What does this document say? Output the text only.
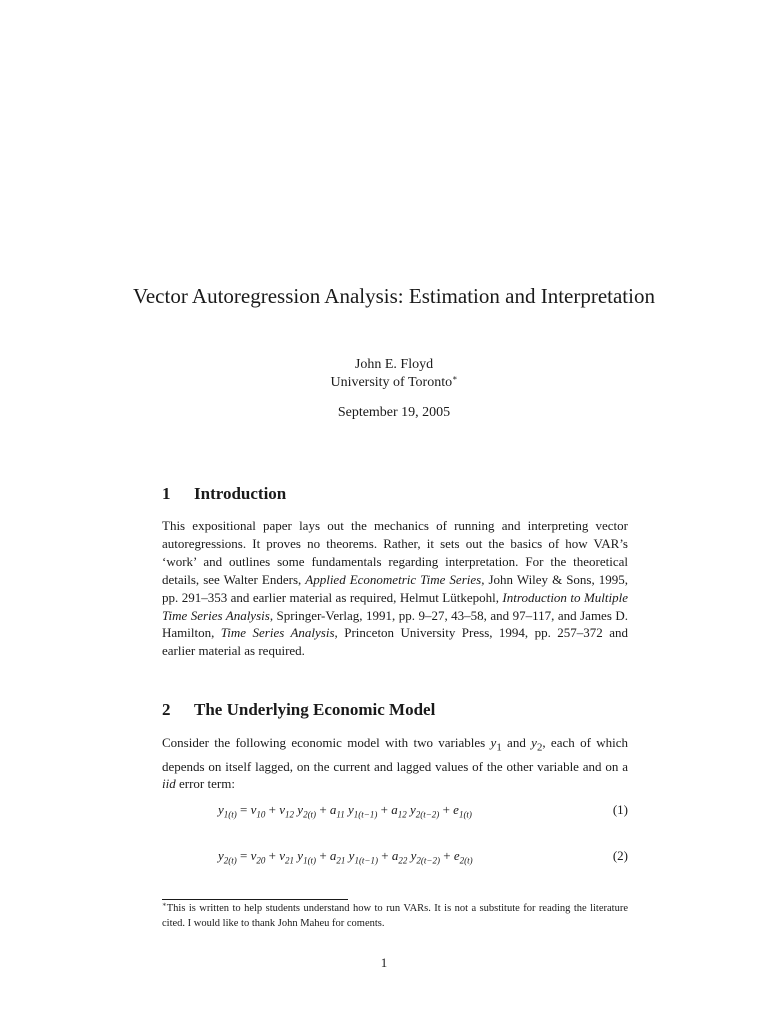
Vector Autoregression Analysis: Estimation and Interpretation
John E. Floyd
University of Toronto∗
September 19, 2005
1 Introduction

This expositional paper lays out the mechanics of running and interpreting vector autoregressions. It proves no theorems. Rather, it sets out the basics of how VAR’s ‘work’ and outlines some fundamentals regarding interpretation. For the theoretical details, see Walter Enders, Applied Econometric Time Series, John Wiley & Sons, 1995, pp. 291–353 and earlier material as required, Helmut Lütkepohl, Introduction to Multiple Time Series Analysis, Springer-Verlag, 1991, pp. 9–27, 43–58, and 97–117, and James D. Hamilton, Time Series Analysis, Princeton University Press, 1994, pp. 257–372 and earlier material as required.

2 The Underlying Economic Model

Consider the following economic model with two variables $y_1$ and $y_2$, each of which depends on itself lagged, on the current and lagged values of the other variable and on a iid error term:

$y_{1(t)} = v_{10} + v_{12}$ $y_{2(t)} + a_{11}$ $y_{1(t-1)} + a_{12}$ $y_{2(t-2)} + e_{1(t)}$	(1)
$y_{2(t)} = v_{20} + v_{21}$ $y_{1(t)} + a_{21}$ $y_{1(t-1)} + a_{22}$ $y_{2(t-2)} + e_{2(t)}$	(2)

∗This is written to help students understand how to run VARs. It is not a substitute for reading the literature cited. I would like to thank John Maheu for coments.

1
